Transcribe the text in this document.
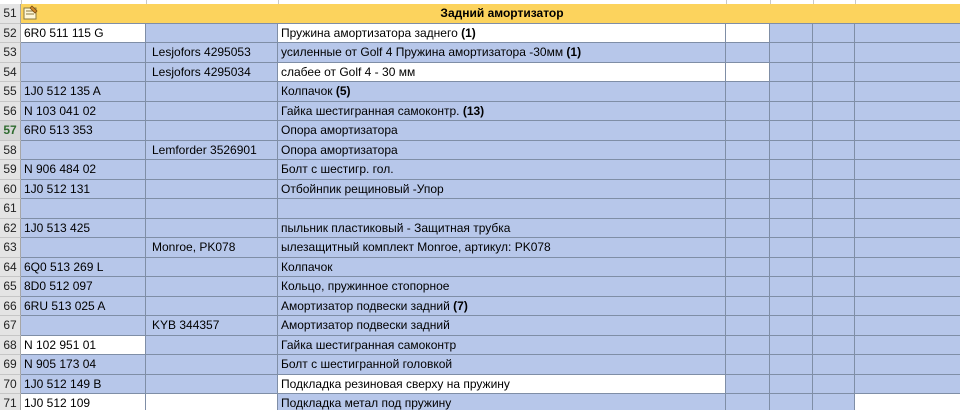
51	Задний амортизатор
52 6R0 511 115 G	Пружина амортизатора заднего (1)
53	Lesjofors 4295053	усиленные от Golf 4 Пружина амортизатора -30мм (1)
54	Lesjofors 4295034	слабее от Golf 4 - 30 мм
55 1J0 512 135 A	Колпачок (5)
56 N 103 041 02	Гайка шестигранная самоконтр. (13)
57 6R0 513 353	Опора амортизатора
58	Lemforder 3526901	Опора амортизатора
59 N 906 484 02	Болт с шестигр. гол.
60 1J0 512 131	Отбойнпик рещиновый -Упор
61
62 1J0 513 425	пыльник пластиковый - Защитная трубка
63	Monroe, PK078	ылезащитный комплект Monroe, артикул: PK078
64 6Q0 513 269 L	Колпачок
65 8D0 512 097	Кольцо, пружинное стопорное
66 6RU 513 025 A	Амортизатор подвески задний (7)
67	KYB 344357	Амортизатор подвески задний
68 N 102 951 01	Гайка шестигранная самоконтр
69 N 905 173 04	Болт с шестигранной головкой
70 1J0 512 149 B	Подкладка резиновая сверху на пружину
71 1J0 512 109	Подкладка метал под пружину
